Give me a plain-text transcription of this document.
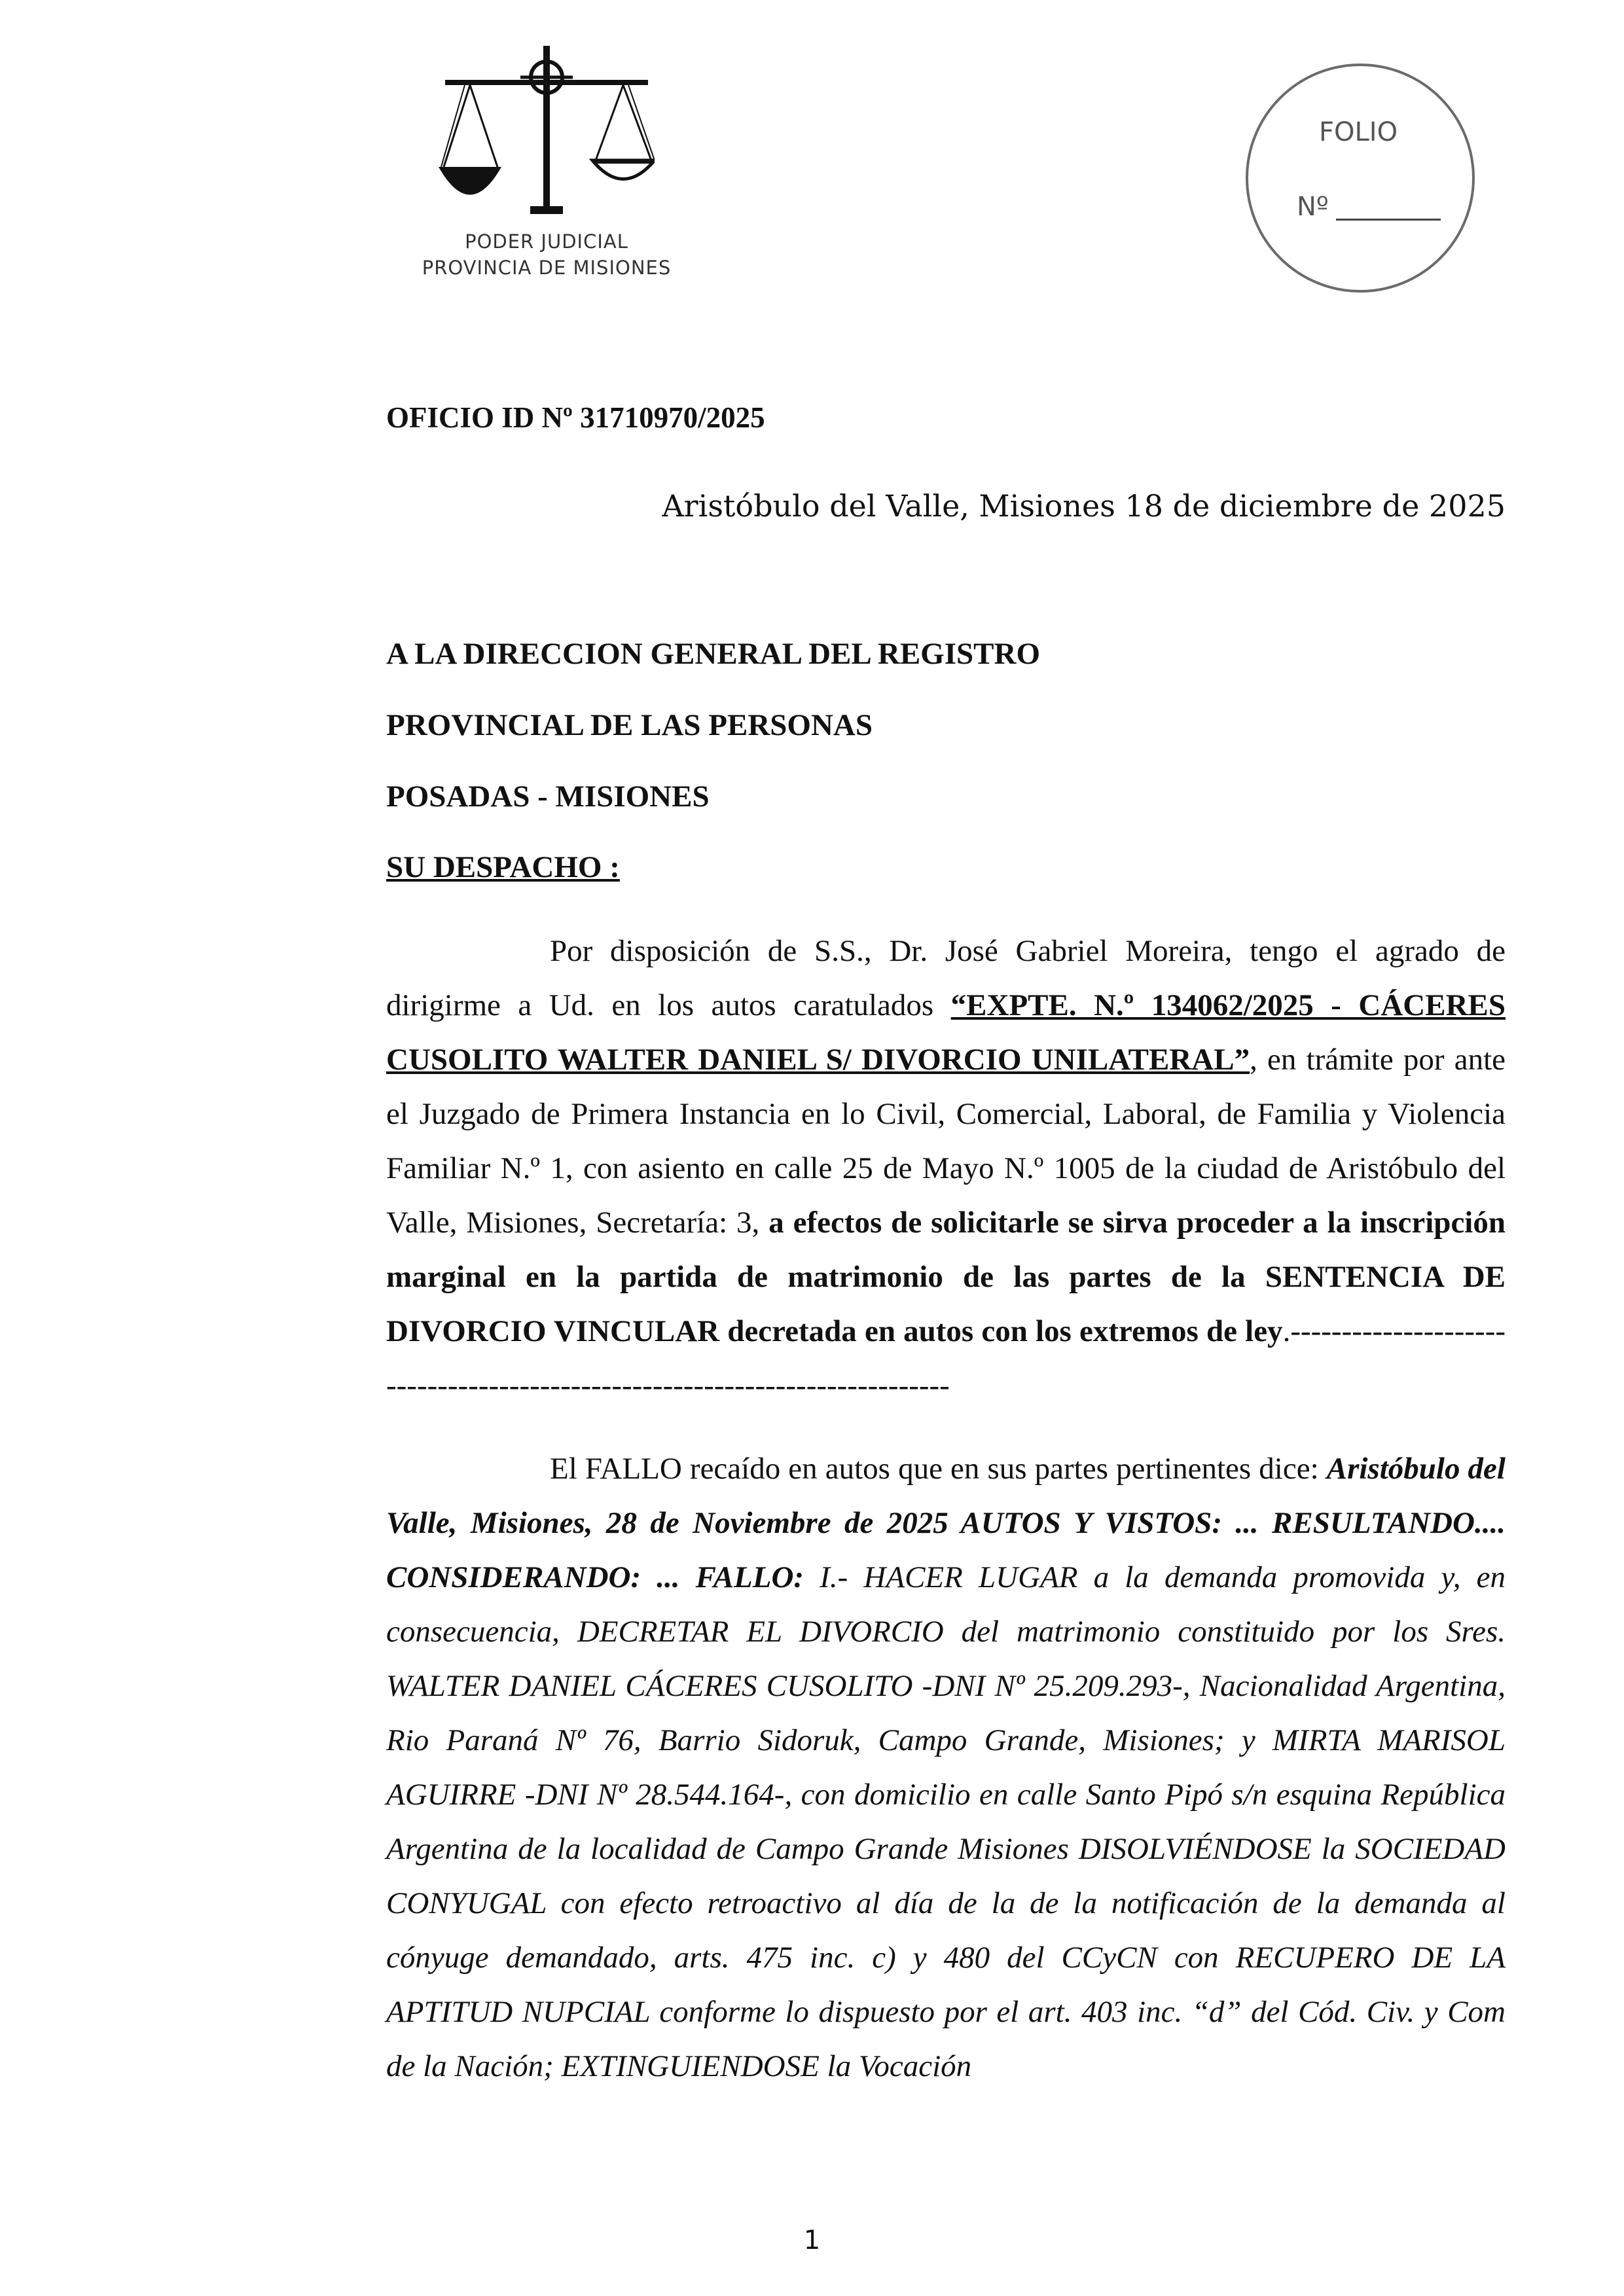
PODER JUDICIAL
PROVINCIA DE MISIONES
FOLIO
Nº
OFICIO ID Nº 31710970/2025
Aristóbulo del Valle, Misiones 18 de diciembre de 2025
A LA DIRECCION GENERAL DEL REGISTRO
PROVINCIAL DE LAS PERSONAS
POSADAS - MISIONES
SU DESPACHO :

Por disposición de S.S., Dr. José Gabriel Moreira, tengo el agrado de dirigirme a Ud. en los autos caratulados “EXPTE. N.º 134062/2025 - CÁCERES CUSOLITO WALTER DANIEL S/ DIVORCIO UNILATERAL”, en trámite por ante el Juzgado de Primera Instancia en lo Civil, Comercial, Laboral, de Familia y Violencia Familiar N.º 1, con asiento en calle 25 de Mayo N.º 1005 de la ciudad de Aristóbulo del Valle, Misiones, Secretaría: 3, a efectos de solicitarle se sirva proceder a la inscripción marginal en la partida de matrimonio de las partes de la SENTENCIA DE DIVORCIO VINCULAR decretada en autos con los extremos de ley.----------------------------------------------------------------------------

El FALLO recaído en autos que en sus partes pertinentes dice: Aristóbulo del Valle, Misiones, 28 de Noviembre de 2025 AUTOS Y VISTOS: ... RESULTANDO.... CONSIDERANDO: ... FALLO: I.- HACER LUGAR a la demanda promovida y, en consecuencia, DECRETAR EL DIVORCIO del matrimonio constituido por los Sres. WALTER DANIEL CÁCERES CUSOLITO -DNI Nº 25.209.293-, Nacionalidad Argentina, Rio Paraná Nº 76, Barrio Sidoruk, Campo Grande, Misiones; y MIRTA MARISOL AGUIRRE -DNI Nº 28.544.164-, con domicilio en calle Santo Pipó s/n esquina República Argentina de la localidad de Campo Grande Misiones DISOLVIÉNDOSE la SOCIEDAD CONYUGAL con efecto retroactivo al día de la de la notificación de la demanda al cónyuge demandado, arts. 475 inc. c) y 480 del CCyCN con RECUPERO DE LA APTITUD NUPCIAL conforme lo dispuesto por el art. 403 inc. “d” del Cód. Civ. y Com de la Nación; EXTINGUIENDOSE la Vocación

1
